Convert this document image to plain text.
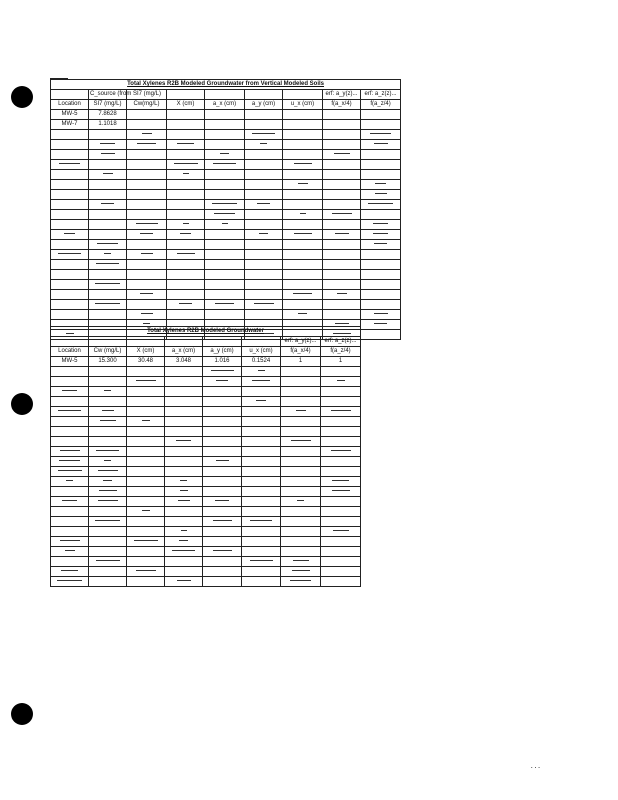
Total Xylenes R2B Modeled Groundwater from Vertical Modeled Soils								
	C_source (from SI7 (mg/L)						erf: a_y(z)...	erf: a_z(z)...
Location	SI7 (mg/L)	Cw(mg/L)	X (cm)	a_x (cm)	a_y (cm)	u_x (cm)	f(a_x/4)	f(a_z/4)
MW-5	7.8628							
MW-7	1.1018							

Total Xylenes R2B Modeled Groundwater							
						erf: a_y(z)...	erf: a_z(z)...
Location	Cw (mg/L)	X (cm)	a_x (cm)	a_y (cm)	u_x (cm)	f(a_x/4)	f(a_z/4)
MW-5	15.300	30.48	3.048	1.016	0.1524	1	1

...
